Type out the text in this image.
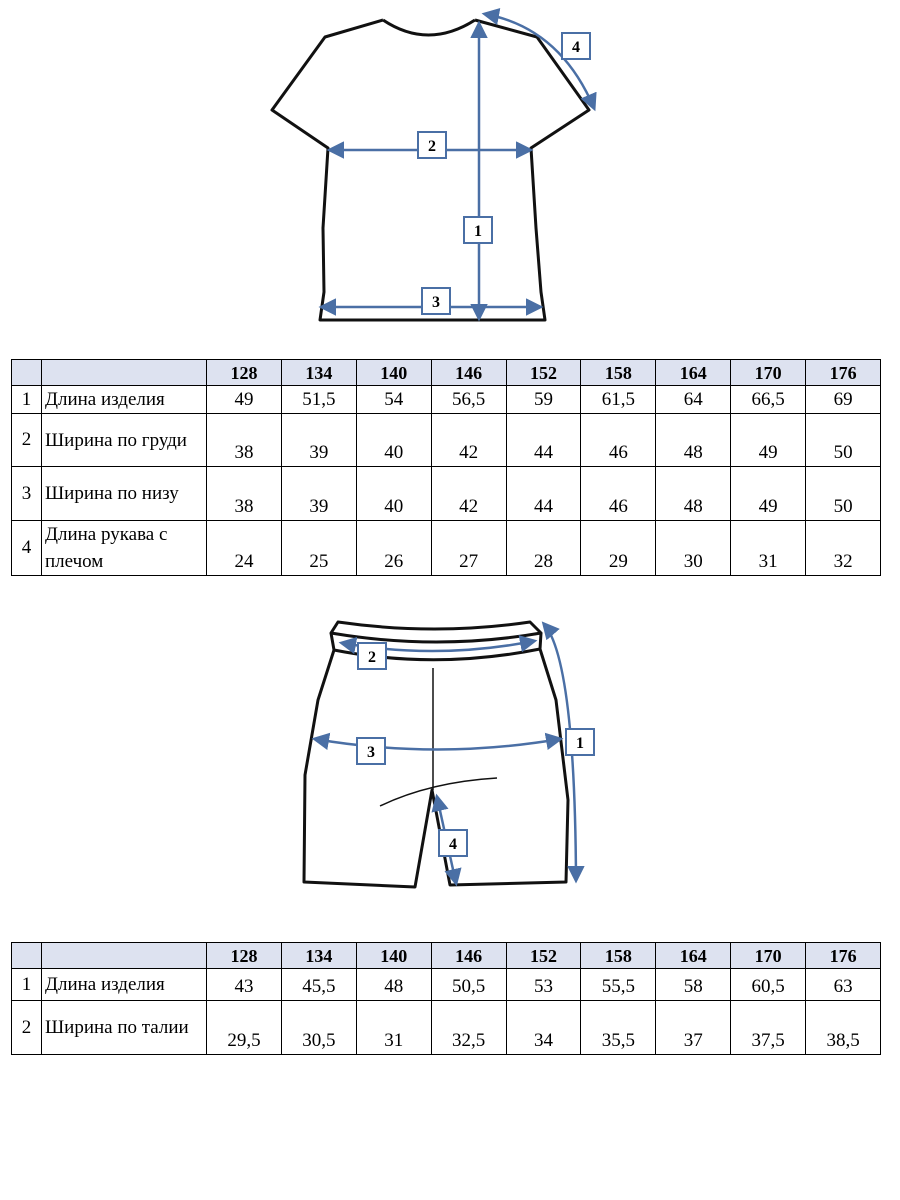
1
2
3
4
		128	134	140	146	152	158	164	170	176
1	Длина изделия	49	51,5	54	56,5	59	61,5	64	66,5	69
2	Ширина по груди	38	39	40	42	44	46	48	49	50
3	Ширина по низу	38	39	40	42	44	46	48	49	50
4	Длина рукава с плечом	24	25	26	27	28	29	30	31	32
1
2
3
4
		128	134	140	146	152	158	164	170	176
1	Длина изделия	43	45,5	48	50,5	53	55,5	58	60,5	63
2	Ширина по талии	29,5	30,5	31	32,5	34	35,5	37	37,5	38,5
